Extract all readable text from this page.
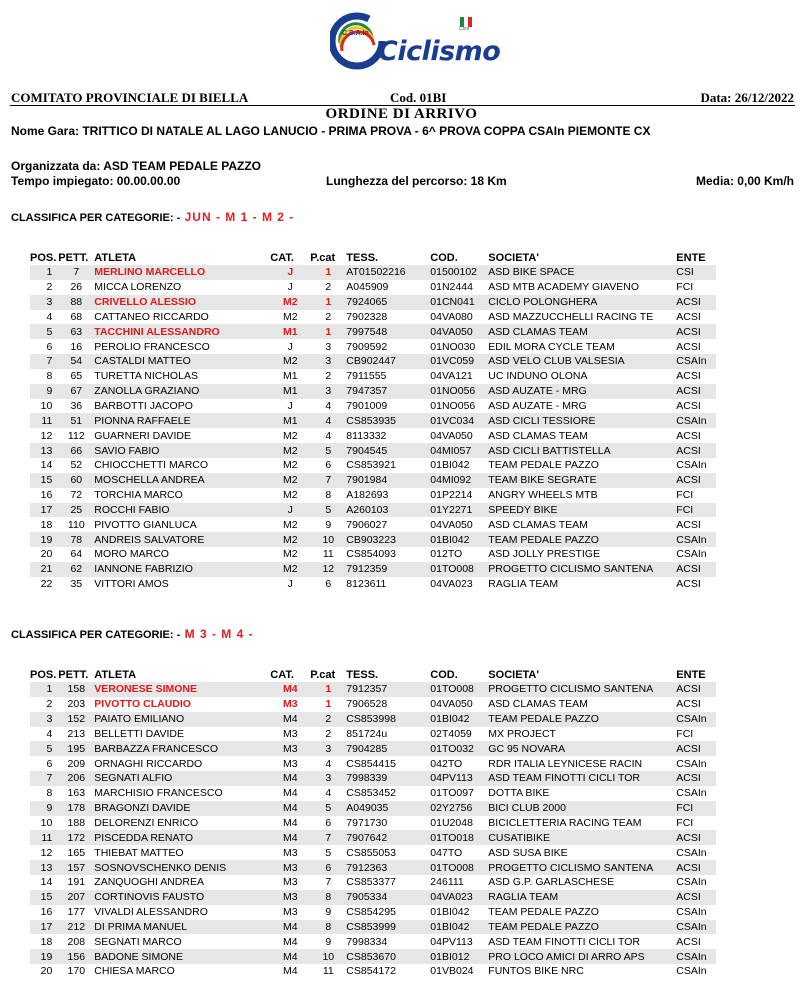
C.S.A.In
Ciclismo
Coni
COMITATO PROVINCIALE DI BIELLA	Cod. 01BI	Data: 26/12/2022
ORDINE DI ARRIVO
Nome Gara: TRITTICO DI NATALE AL LAGO LANUCIO - PRIMA PROVA - 6^ PROVA COPPA CSAIn PIEMONTE CX
Organizzata da: ASD TEAM PEDALE PAZZO
Tempo impiegato: 00.00.00.00	Lunghezza del percorso: 18 Km	Media: 0,00 Km/h
CLASSIFICA PER CATEGORIE: - JUN - M 1 - M 2 -
POS.	PETT.	ATLETA	CAT.	P.cat	TESS.	COD.	SOCIETA'	ENTE	
1	7	MERLINO MARCELLO	J	1	AT01502216	01500102	ASD BIKE SPACE	CSI	
2	26	MICCA LORENZO	J	2	A045909	01N2444	ASD MTB ACADEMY GIAVENO	FCI	
3	88	CRIVELLO ALESSIO	M2	1	7924065	01CN041	CICLO POLONGHERA	ACSI	
4	68	CATTANEO RICCARDO	M2	2	7902328	04VA080	ASD MAZZUCCHELLI RACING TE	ACSI	
5	63	TACCHINI ALESSANDRO	M1	1	7997548	04VA050	ASD CLAMAS TEAM	ACSI	
6	16	PEROLIO FRANCESCO	J	3	7909592	01NO030	EDIL MORA CYCLE TEAM	ACSI	
7	54	CASTALDI MATTEO	M2	3	CB902447	01VC059	ASD VELO CLUB VALSESIA	CSAIn	
8	65	TURETTA NICHOLAS	M1	2	7911555	04VA121	UC INDUNO OLONA	ACSI	
9	67	ZANOLLA GRAZIANO	M1	3	7947357	01NO056	ASD AUZATE - MRG	ACSI	
10	36	BARBOTTI JACOPO	J	4	7901009	01NO056	ASD AUZATE - MRG	ACSI	
11	51	PIONNA RAFFAELE	M1	4	CS853935	01VC034	ASD CICLI TESSIORE	CSAIn	
12	112	GUARNERI DAVIDE	M2	4	8113332	04VA050	ASD CLAMAS TEAM	ACSI	
13	66	SAVIO FABIO	M2	5	7904545	04MI057	ASD CICLI BATTISTELLA	ACSI	
14	52	CHIOCCHETTI MARCO	M2	6	CS853921	01BI042	TEAM PEDALE PAZZO	CSAIn	
15	60	MOSCHELLA ANDREA	M2	7	7901984	04MI092	TEAM BIKE SEGRATE	ACSI	
16	72	TORCHIA MARCO	M2	8	A182693	01P2214	ANGRY WHEELS MTB	FCI	
17	25	ROCCHI FABIO	J	5	A260103	01Y2271	SPEEDY BIKE	FCI	
18	110	PIVOTTO GIANLUCA	M2	9	7906027	04VA050	ASD CLAMAS TEAM	ACSI	
19	78	ANDREIS SALVATORE	M2	10	CB903223	01BI042	TEAM PEDALE PAZZO	CSAIn	
20	64	MORO MARCO	M2	11	CS854093	012TO	ASD JOLLY PRESTIGE	CSAIn	
21	62	IANNONE FABRIZIO	M2	12	7912359	01TO008	PROGETTO CICLISMO SANTENA	ACSI	
22	35	VITTORI AMOS	J	6	8123611	04VA023	RAGLIA TEAM	ACSI	
CLASSIFICA PER CATEGORIE: - M 3 - M 4 -
POS.	PETT.	ATLETA	CAT.	P.cat	TESS.	COD.	SOCIETA'	ENTE	
1	158	VERONESE SIMONE	M4	1	7912357	01TO008	PROGETTO CICLISMO SANTENA	ACSI	
2	203	PIVOTTO CLAUDIO	M3	1	7906528	04VA050	ASD CLAMAS TEAM	ACSI	
3	152	PAIATO EMILIANO	M4	2	CS853998	01BI042	TEAM PEDALE PAZZO	CSAIn	
4	213	BELLETTI DAVIDE	M3	2	851724u	02T4059	MX PROJECT	FCI	
5	195	BARBAZZA FRANCESCO	M3	3	7904285	01TO032	GC 95 NOVARA	ACSI	
6	209	ORNAGHI RICCARDO	M3	4	CS854415	042TO	RDR ITALIA LEYNICESE RACIN	CSAIn	
7	206	SEGNATI ALFIO	M4	3	7998339	04PV113	ASD TEAM FINOTTI CICLI TOR	ACSI	
8	163	MARCHISIO FRANCESCO	M4	4	CS853452	01TO097	DOTTA BIKE	CSAIn	
9	178	BRAGONZI DAVIDE	M4	5	A049035	02Y2756	BICI CLUB 2000	FCI	
10	188	DELORENZI ENRICO	M4	6	7971730	01U2048	BICICLETTERIA RACING TEAM	FCI	
11	172	PISCEDDA RENATO	M4	7	7907642	01TO018	CUSATIBIKE	ACSI	
12	165	THIEBAT MATTEO	M3	5	CS855053	047TO	ASD SUSA BIKE	CSAIn	
13	157	SOSNOVSCHENKO DENIS	M3	6	7912363	01TO008	PROGETTO CICLISMO SANTENA	ACSI	
14	191	ZANQUOGHI ANDREA	M3	7	CS853377	246111	ASD G.P. GARLASCHESE	CSAIn	
15	207	CORTINOVIS FAUSTO	M3	8	7905334	04VA023	RAGLIA TEAM	ACSI	
16	177	VIVALDI ALESSANDRO	M3	9	CS854295	01BI042	TEAM PEDALE PAZZO	CSAIn	
17	212	DI PRIMA MANUEL	M4	8	CS853999	01BI042	TEAM PEDALE PAZZO	CSAIn	
18	208	SEGNATI MARCO	M4	9	7998334	04PV113	ASD TEAM FINOTTI CICLI TOR	ACSI	
19	156	BADONE SIMONE	M4	10	CS853670	01BI012	PRO LOCO AMICI DI ARRO APS	CSAIn	
20	170	CHIESA MARCO	M4	11	CS854172	01VB024	FUNTOS BIKE NRC	CSAIn	
